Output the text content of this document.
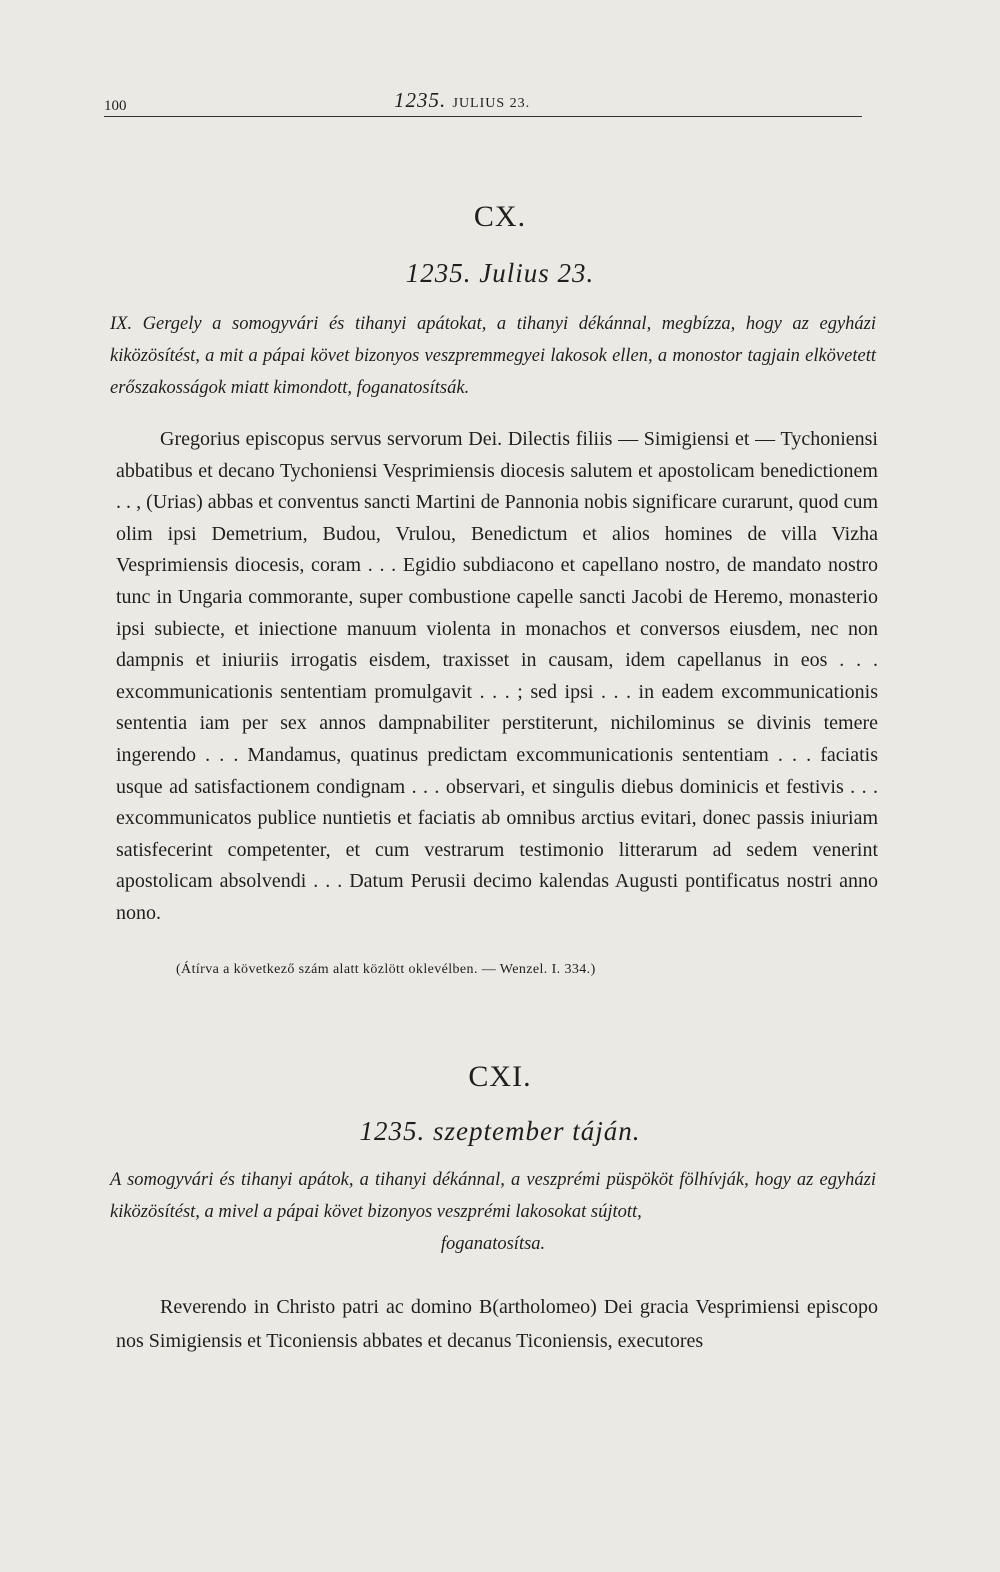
100	1235. JULIUS 23.
CX.
1235. Julius 23.
IX. Gergely a somogyvári és tihanyi apátokat, a tihanyi dékánnal, megbízza, hogy az egyházi kiközösítést, a mit a pápai követ bizonyos veszpremmegyei lakosok ellen, a monostor tagjain elkövetett erőszakosságok miatt kimondott, foganatosítsák.

Gregorius episcopus servus servorum Dei. Dilectis filiis — Simigiensi et — Tychoniensi abbatibus et decano Tychoniensi Vesprimiensis diocesis salutem et apostolicam benedictionem . . , (Urias) abbas et conventus sancti Martini de Pannonia nobis significare curarunt, quod cum olim ipsi Demetrium, Budou, Vrulou, Benedictum et alios homines de villa Vizha Vesprimiensis diocesis, coram . . . Egidio subdiacono et capellano nostro, de mandato nostro tunc in Ungaria commorante, super combustione capelle sancti Jacobi de Heremo, monasterio ipsi subiecte, et iniectione manuum violenta in monachos et conversos eiusdem, nec non dampnis et iniuriis irrogatis eisdem, traxisset in causam, idem capellanus in eos . . . excommunicationis sententiam promulgavit . . . ; sed ipsi . . . in eadem excommunicationis sententia iam per sex annos dampnabiliter perstiterunt, nichilominus se divinis temere ingerendo . . . Mandamus, quatinus predictam excommunicationis sententiam . . . faciatis usque ad satisfactionem condignam . . . observari, et singulis diebus dominicis et festivis . . . excommunicatos publice nuntietis et faciatis ab omnibus arctius evitari, donec passis iniuriam satisfecerint competenter, et cum vestrarum testimonio litterarum ad sedem venerint apostolicam absolvendi . . . Datum Perusii decimo kalendas Augusti pontificatus nostri anno nono.

(Átírva a következő szám alatt közlött oklevélben. — Wenzel. I. 334.)
CXI.
1235. szeptember táján.
A somogyvári és tihanyi apátok, a tihanyi dékánnal, a veszprémi püspököt fölhívják, hogy az egyházi kiközösítést, a mivel a pápai követ bizonyos veszprémi lakosokat sújtott,
foganatosítsa.

Reverendo in Christo patri ac domino B(artholomeo) Dei gracia Vesprimiensi episcopo nos Simigiensis et Ticoniensis abbates et decanus Ticoniensis, executores
